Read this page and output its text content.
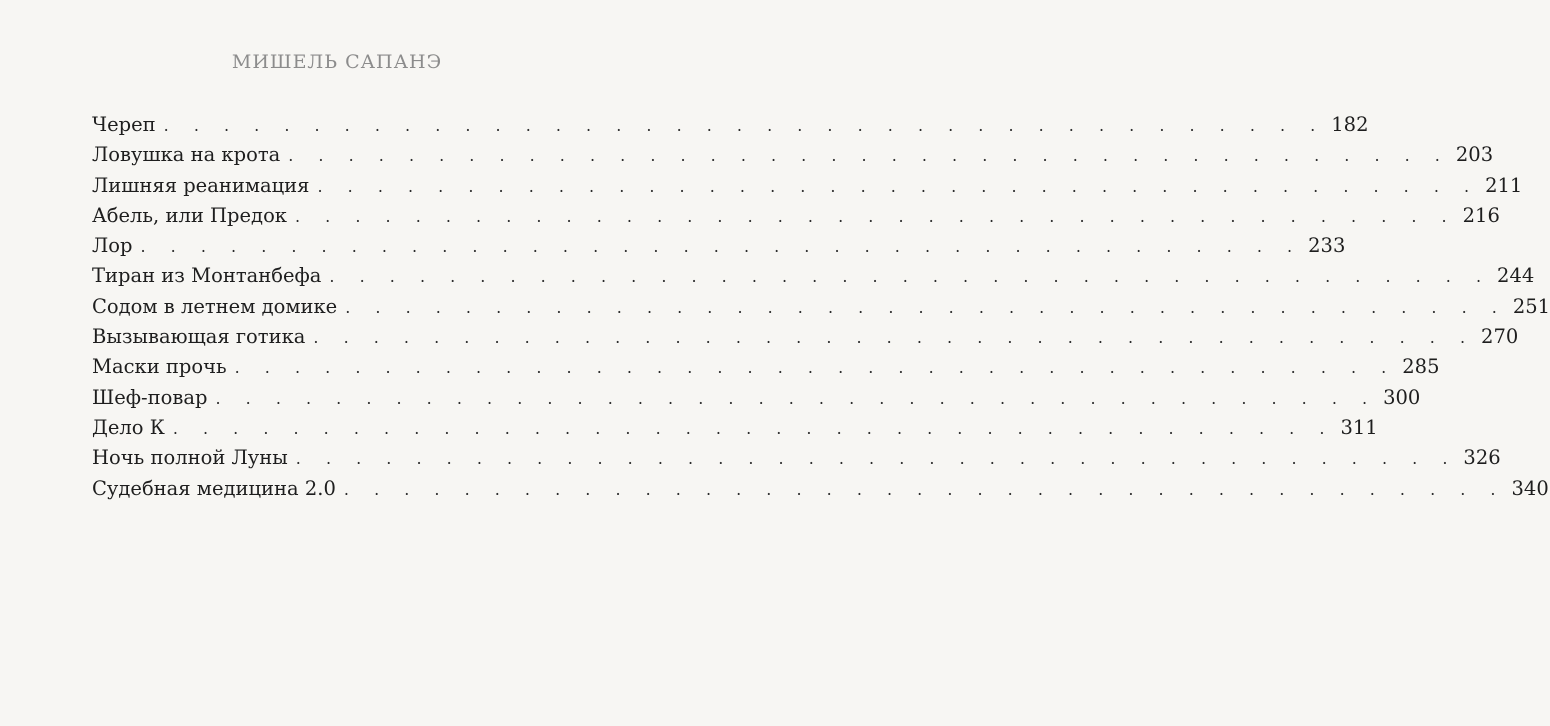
МИШЕЛЬ САПАНЭ
Череп . . . . . . . . . . . . . . . . . . . . . . . . . . . . . . . . . . . . . . . 182
Ловушка на крота . . . . . . . . . . . . . . . . . . . . . . . . . . . . . . . . . . . . . . . 203
Лишняя реанимация . . . . . . . . . . . . . . . . . . . . . . . . . . . . . . . . . . . . . . . 211
Абель, или Предок . . . . . . . . . . . . . . . . . . . . . . . . . . . . . . . . . . . . . . . 216
Лор . . . . . . . . . . . . . . . . . . . . . . . . . . . . . . . . . . . . . . . 233
Тиран из Монтанбефа . . . . . . . . . . . . . . . . . . . . . . . . . . . . . . . . . . . . . . . 244
Содом в летнем домике . . . . . . . . . . . . . . . . . . . . . . . . . . . . . . . . . . . . . . . 251
Вызывающая готика . . . . . . . . . . . . . . . . . . . . . . . . . . . . . . . . . . . . . . . 270
Маски прочь . . . . . . . . . . . . . . . . . . . . . . . . . . . . . . . . . . . . . . . 285
Шеф-повар . . . . . . . . . . . . . . . . . . . . . . . . . . . . . . . . . . . . . . . 300
Дело К . . . . . . . . . . . . . . . . . . . . . . . . . . . . . . . . . . . . . . . 311
Ночь полной Луны . . . . . . . . . . . . . . . . . . . . . . . . . . . . . . . . . . . . . . . 326
Судебная медицина 2.0 . . . . . . . . . . . . . . . . . . . . . . . . . . . . . . . . . . . . . . . 340
